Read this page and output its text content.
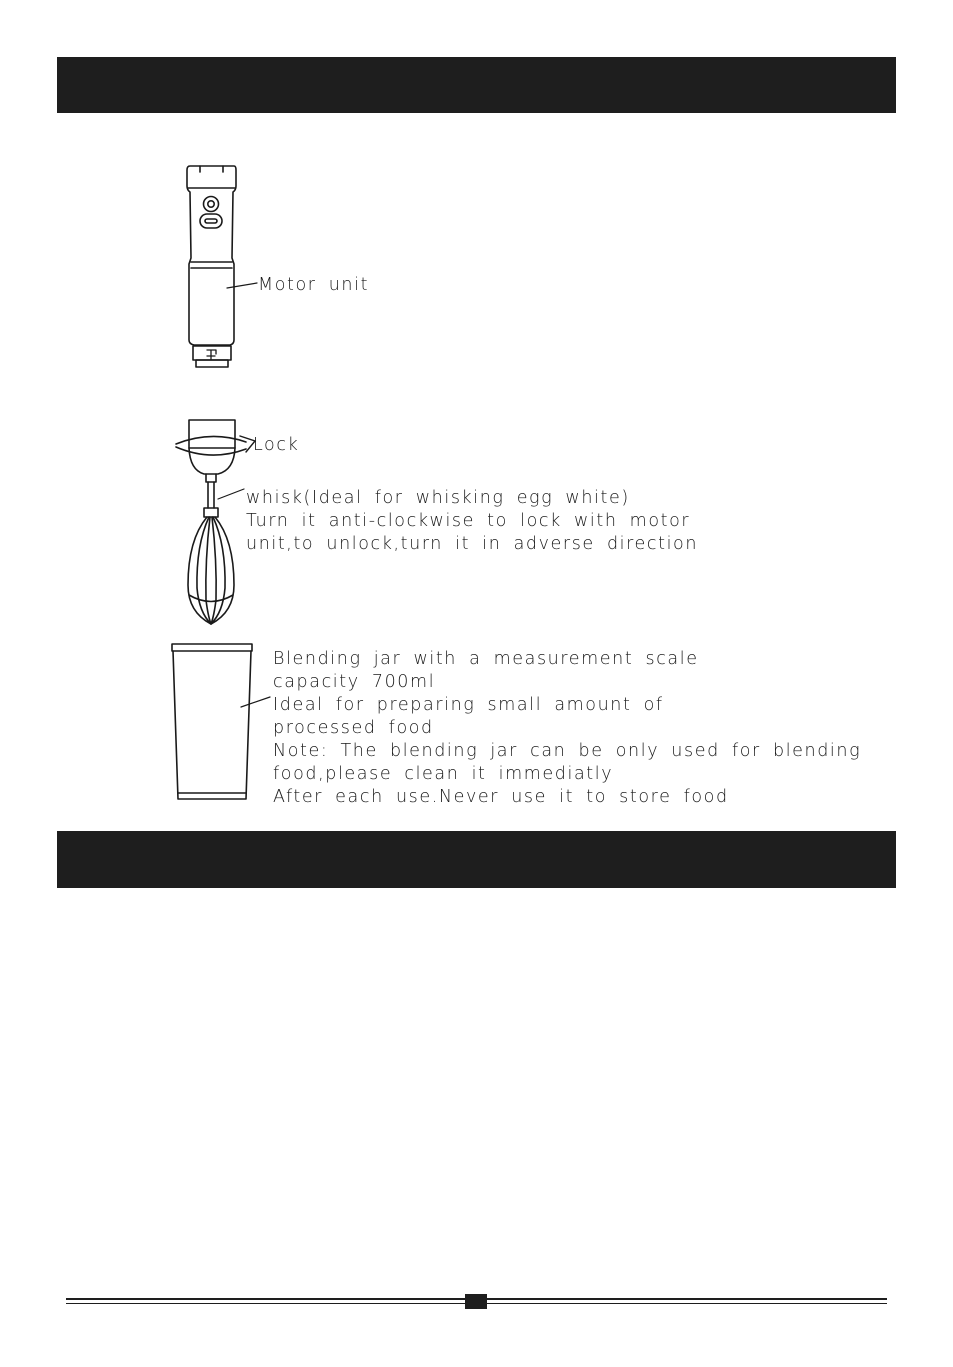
Motor unit
Lock
whisk(Ideal for whisking egg white)
Turn it anti-clockwise to lock with motor
unit,to unlock,turn it in adverse direction
Blending jar with a measurement scale
capacity 700ml
Ideal for preparing small amount of
processed food
Note: The blending jar can be only used for blending
food,please clean it immediatly
After each use.Never use it to store food
